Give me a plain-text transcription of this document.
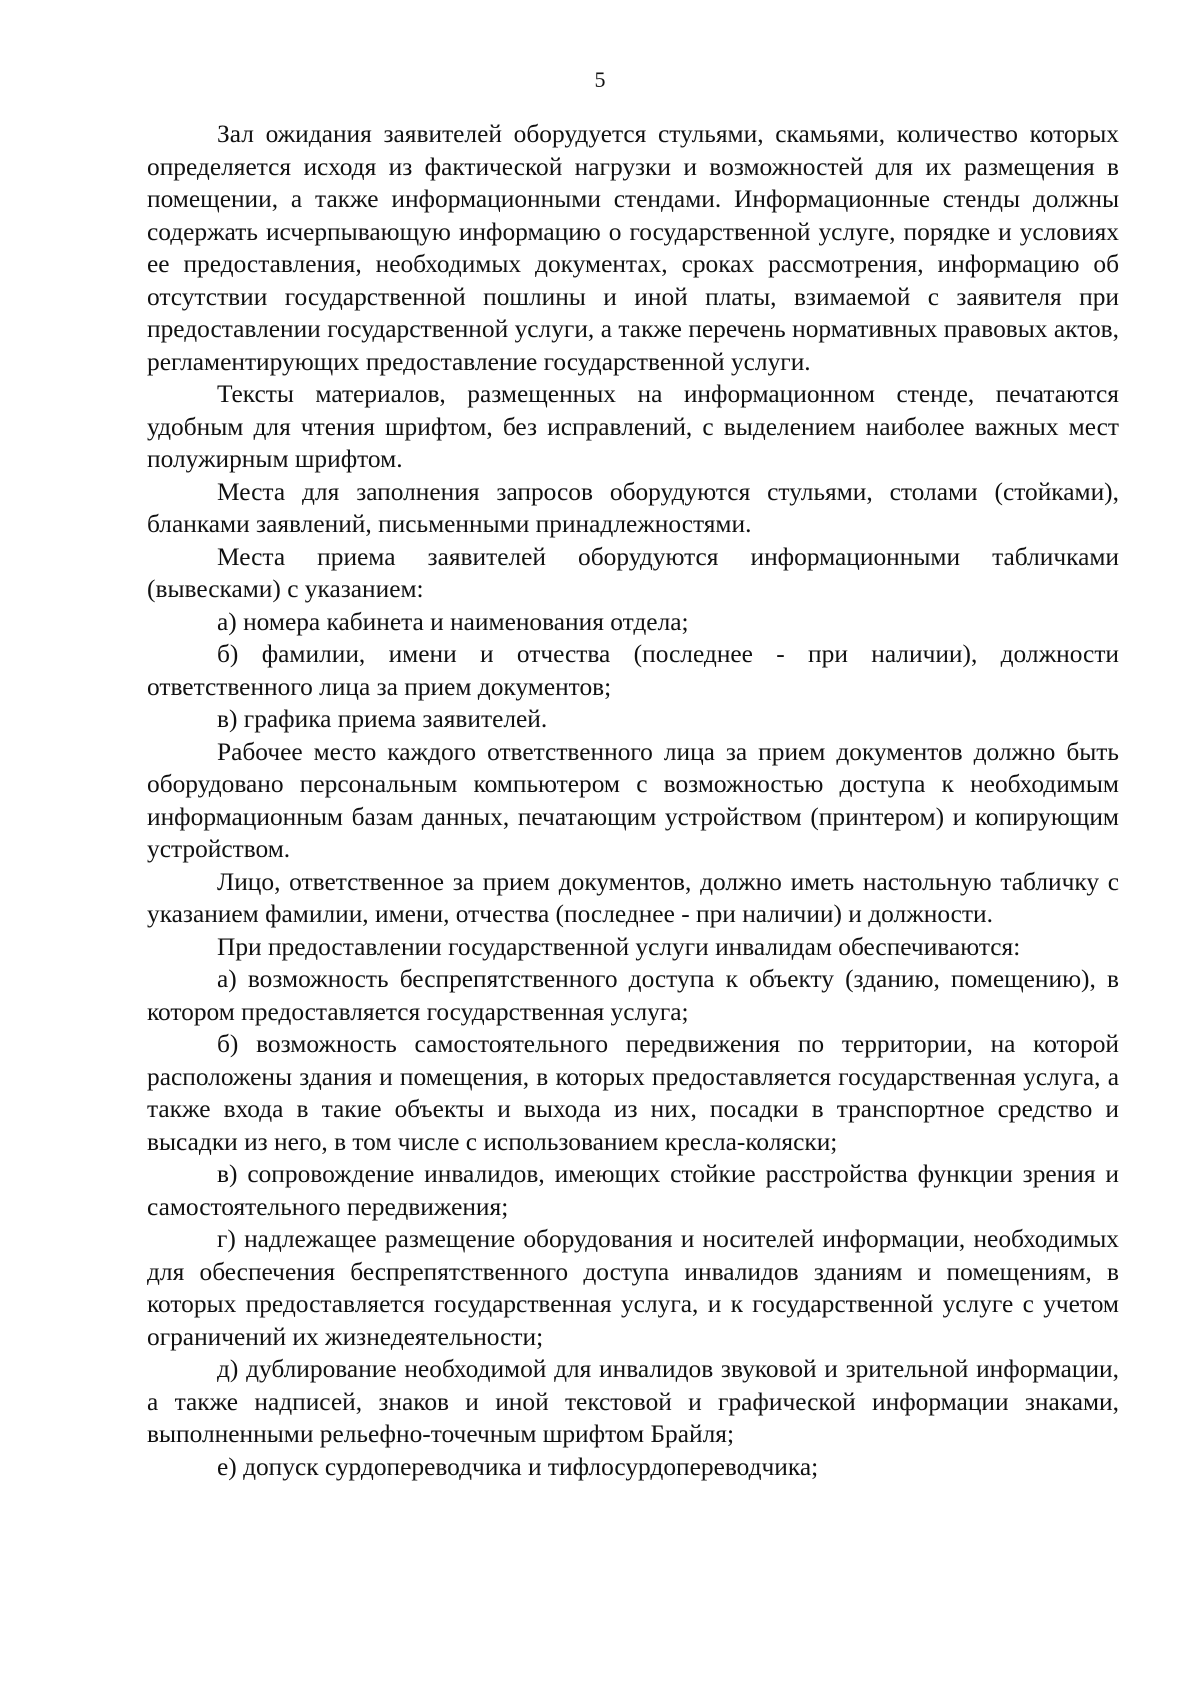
5

Зал ожидания заявителей оборудуется стульями, скамьями, количество которых определяется исходя из фактической нагрузки и возможностей для их размещения в помещении, а также информационными стендами. Информационные стенды должны содержать исчерпывающую информацию о государственной услуге, порядке и условиях ее предоставления, необходимых документах, сроках рассмотрения, информацию об отсутствии государственной пошлины и иной платы, взимаемой с заявителя при предоставлении государственной услуги, а также перечень нормативных правовых актов, регламентирующих предоставление государственной услуги.

Тексты материалов, размещенных на информационном стенде, печатаются удобным для чтения шрифтом, без исправлений, с выделением наиболее важных мест полужирным шрифтом.

Места для заполнения запросов оборудуются стульями, столами (стойками), бланками заявлений, письменными принадлежностями.

Места приема заявителей оборудуются информационными табличками (вывесками) с указанием:

а) номера кабинета и наименования отдела;

б) фамилии, имени и отчества (последнее - при наличии), должности ответственного лица за прием документов;

в) графика приема заявителей.

Рабочее место каждого ответственного лица за прием документов должно быть оборудовано персональным компьютером с возможностью доступа к необходимым информационным базам данных, печатающим устройством (принтером) и копирующим устройством.

Лицо, ответственное за прием документов, должно иметь настольную табличку с указанием фамилии, имени, отчества (последнее - при наличии) и должности.

При предоставлении государственной услуги инвалидам обеспечиваются:

а) возможность беспрепятственного доступа к объекту (зданию, помещению), в котором предоставляется государственная услуга;

б) возможность самостоятельного передвижения по территории, на которой расположены здания и помещения, в которых предоставляется государственная услуга, а также входа в такие объекты и выхода из них, посадки в транспортное средство и высадки из него, в том числе с использованием кресла-коляски;

в) сопровождение инвалидов, имеющих стойкие расстройства функции зрения и самостоятельного передвижения;

г) надлежащее размещение оборудования и носителей информации, необходимых для обеспечения беспрепятственного доступа инвалидов зданиям и помещениям, в которых предоставляется государственная услуга, и к государственной услуге с учетом ограничений их жизнедеятельности;

д) дублирование необходимой для инвалидов звуковой и зрительной информации, а также надписей, знаков и иной текстовой и графической информации знаками, выполненными рельефно-точечным шрифтом Брайля;

е) допуск сурдопереводчика и тифлосурдопереводчика;
